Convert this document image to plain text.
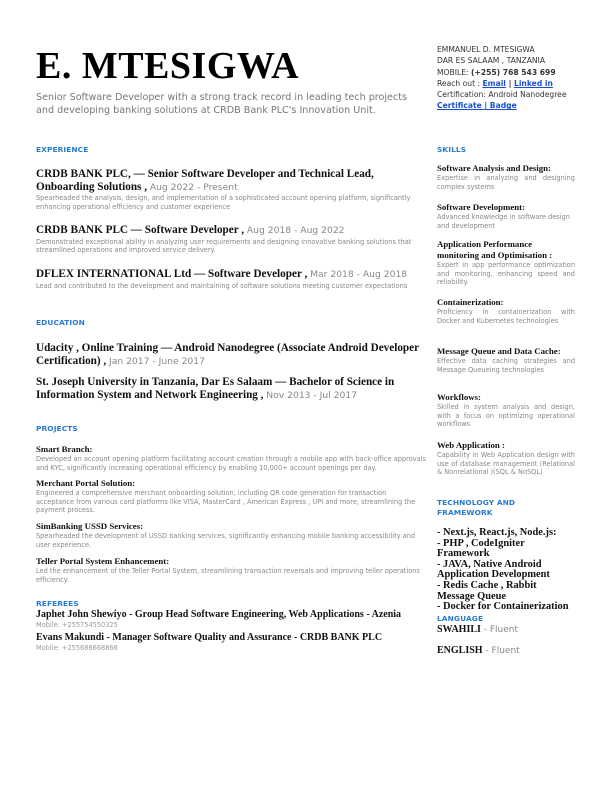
E. MTESIGWA
Senior Software Developer with a strong track record in leading tech projects and developing banking solutions at CRDB Bank PLC's Innovation Unit.
EMMANUEL D. MTESIGWA
DAR ES SALAAM , TANZANIA
MOBILE: (+255) 768 543 699
Reach out : Email | Linked in
Certification: Android Nanodegree
Certificate | Badge
EXPERIENCE
CRDB BANK PLC, — Senior Software Developer and Technical Lead, Onboarding Solutions , Aug 2022 - Present
Spearheaded the analysis, design, and implementation of a sophisticated account opening platform, significantly enhancing operational efficiency and customer experience
CRDB BANK PLC — Software Developer , Aug 2018 - Aug 2022
Demonstrated exceptional ability in analyzing user requirements and designing innovative banking solutions that streamlined operations and improved service delivery.
DFLEX INTERNATIONAL Ltd — Software Developer , Mar 2018 - Aug 2018
Lead and contributed to the development and maintaining of software solutions meeting customer expectations
EDUCATION
Udacity , Online Training — Android Nanodegree (Associate Android Developer Certification) , Jan 2017 - June 2017
St. Joseph University in Tanzania, Dar Es Salaam — Bachelor of Science in Information System and Network Engineering , Nov 2013 - Jul 2017
PROJECTS
Smart Branch:
Developed an account opening platform facilitating account creation through a mobile app with back-office approvals and KYC, significantly increasing operational efficiency by enabling 10,000+ account openings per day.
Merchant Portal Solution:
Engineered a comprehensive merchant onboarding solution, including QR code generation for transaction acceptance from various card platforms like VISA, MasterCard , American Express , UPI and more, streamlining the payment process.
SimBanking USSD Services:
Spearheaded the development of USSD banking services, significantly enhancing mobile banking accessibility and user experience.
Teller Portal System Enhancement:
Led the enhancement of the Teller Portal System, streamlining transaction reversals and improving teller operations efficiency.
REFEREES
Japhet John Shewiyo - Group Head Software Engineering, Web Applications - Azenia
Mobile: +255754550325
Evans Makundi - Manager Software Quality and Assurance - CRDB BANK PLC
Mobile: +255686668866
SKILLS
Software Analysis and Design:
Expertise in analyzing and designing complex systems
Software Development:
Advanced knowledge in software design and development
Application Performance monitoring and Optimisation :
Expert in app performance optimization and monitoring, enhancing speed and reliability.
Containerization:
Proficiency in containerization with Docker and Kubernetes technologies
Message Queue and Data Cache:
Effective data caching strategies and Message Queueing technologies
Workflows:
Skilled in system analysis and design, with a focus on optimizing operational workflows
Web Application :
Capability in Web Application design with use of database management (Relational & Nonrelational )(SQL & NoSQL)
TECHNOLOGY AND FRAMEWORK
- Next.js, React.js, Node.js:
- PHP , CodeIgniter Framework
- JAVA, Native Android Application Development
- Redis Cache , Rabbit Message Queue
- Docker for Containerization
LANGUAGE
SWAHILI - Fluent
ENGLISH - Fluent
